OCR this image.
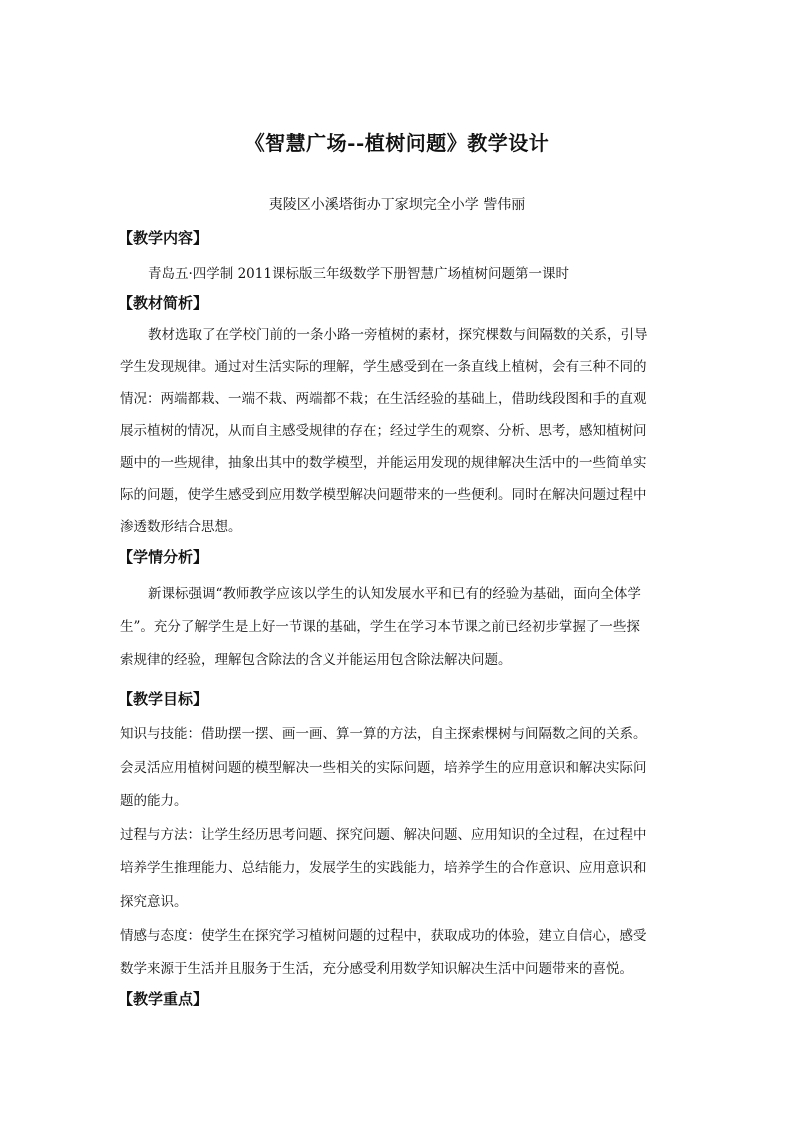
《智慧广场--植树问题》教学设计
夷陵区小溪塔街办丁家坝完全小学 訾伟丽
【教学内容】
青岛五·四学制 2011课标版三年级数学下册智慧广场植树问题第一课时
【教材简析】
教材选取了在学校门前的一条小路一旁植树的素材，探究棵数与间隔数的关系，引导
学生发现规律。通过对生活实际的理解，学生感受到在一条直线上植树，会有三种不同的
情况：两端都栽、一端不栽、两端都不栽；在生活经验的基础上，借助线段图和手的直观
展示植树的情况，从而自主感受规律的存在；经过学生的观察、分析、思考，感知植树问
题中的一些规律，抽象出其中的数学模型，并能运用发现的规律解决生活中的一些简单实
际的问题，使学生感受到应用数学模型解决问题带来的一些便利。同时在解决问题过程中
渗透数形结合思想。
【学情分析】
新课标强调“教师教学应该以学生的认知发展水平和已有的经验为基础，面向全体学
生”。充分了解学生是上好一节课的基础，学生在学习本节课之前已经初步掌握了一些探
索规律的经验，理解包含除法的含义并能运用包含除法解决问题。
【教学目标】
知识与技能：借助摆一摆、画一画、算一算的方法，自主探索棵树与间隔数之间的关系。
会灵活应用植树问题的模型解决一些相关的实际问题，培养学生的应用意识和解决实际问
题的能力。
过程与方法：让学生经历思考问题、探究问题、解决问题、应用知识的全过程，在过程中
培养学生推理能力、总结能力，发展学生的实践能力，培养学生的合作意识、应用意识和
探究意识。
情感与态度：使学生在探究学习植树问题的过程中，获取成功的体验，建立自信心，感受
数学来源于生活并且服务于生活，充分感受利用数学知识解决生活中问题带来的喜悦。
【教学重点】
